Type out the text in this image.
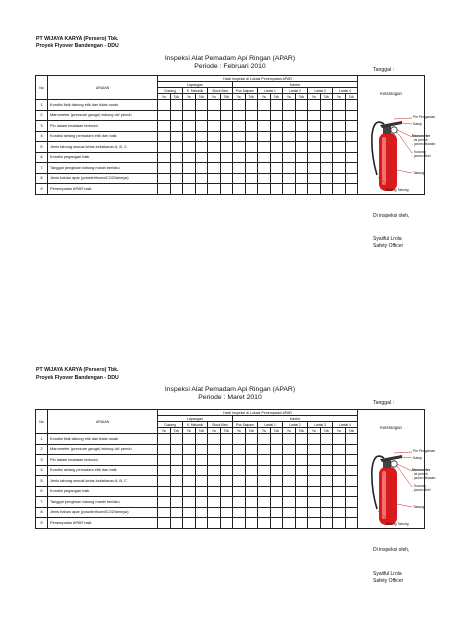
PT WIJAYA KARYA (Persero) Tbk.
Proyek Flyover Bandengan - DDU
Inspeksi Alat Pemadam Api Ringan (APAR)
Periode : Februari 2010	Tanggal :
No	URAIAN	Hasil Inspeksi di Lokasi Penempatan APAR																Keterangan
		Lapangan						Kantor										
		Gudang		K. Mekanik		Stock Besi		Pos Satpam		Lantai 1		Lantai 2		Lantai 3		Lantai 4		
		Ya	Tdk	Ya	Tdk	Ya	Tdk	Ya	Tdk	Ya	Tdk	Ya	Tdk	Ya	Tdk	Ya	Tdk	
1	Kondisi fisik tabung etik dan tidak rusak																	
2	Manometer (pressure gauge) tabung ok/ penuh																	
3	Pin dalam keadaan terkunci																	
4	Kondisi selang pemadam etik dan baik																	
5	Jenis tabung sesuai kelas kebakaran A, B, C																	
6	Kondisi pegangan baik																	
7	Tanggal pengisian tabung masih berlaku																	
8	Jenis bahan apar (powder/foam/CO2/lainnya)																	
9	Penempatan APAR baik																	
Di inspeksi oleh,
Syaiiful Lrola
Safety Officer
Pin Pengaman
Katup
Manometer
- isi penuh
- jarum dikanan
- Kosong
- jarum dikiri
Tabung
Selang Tabung
PT WIJAYA KARYA (Persero) Tbk.
Proyek Flyover Bandengan - DDU
Inspeksi Alat Pemadam Api Ringan (APAR)
Periode : Maret 2010
Tanggal :
No	URAIAN	Hasil Inspeksi di Lokasi Penempatan APAR																Keterangan
		Lapangan						Kantor										
		Gudang		K. Mekanik		Stock Besi		Pos Satpam		Lantai 1		Lantai 2		Lantai 3		Lantai 4		
		Ya	Tdk	Ya	Tdk	Ya	Tdk	Ya	Tdk	Ya	Tdk	Ya	Tdk	Ya	Tdk	Ya	Tdk	
1	Kondisi fisik tabung etik dan tidak rusak																	
2	Manometer (pressure gauge) tabung ok/ penuh																	
3	Pin dalam keadaan terkunci																	
4	Kondisi selang pemadam etik dan baik																	
5	Jenis tabung sesuai kelas kebakaran A, B, C																	
6	Kondisi pegangan baik																	
7	Tanggal pengisian tabung masih berlaku																	
8	Jenis bahan apar (powder/foam/CO2/lainnya)																	
9	Penempatan APAR baik																	
Di inspeksi oleh,
Syaiiful Lrola
Safety Officer
Pin Pengaman
Katup
Manometer
- isi penuh
- jarum dikanan
- Kosong
- jarum dikiri
Tabung
Selang Tabung
